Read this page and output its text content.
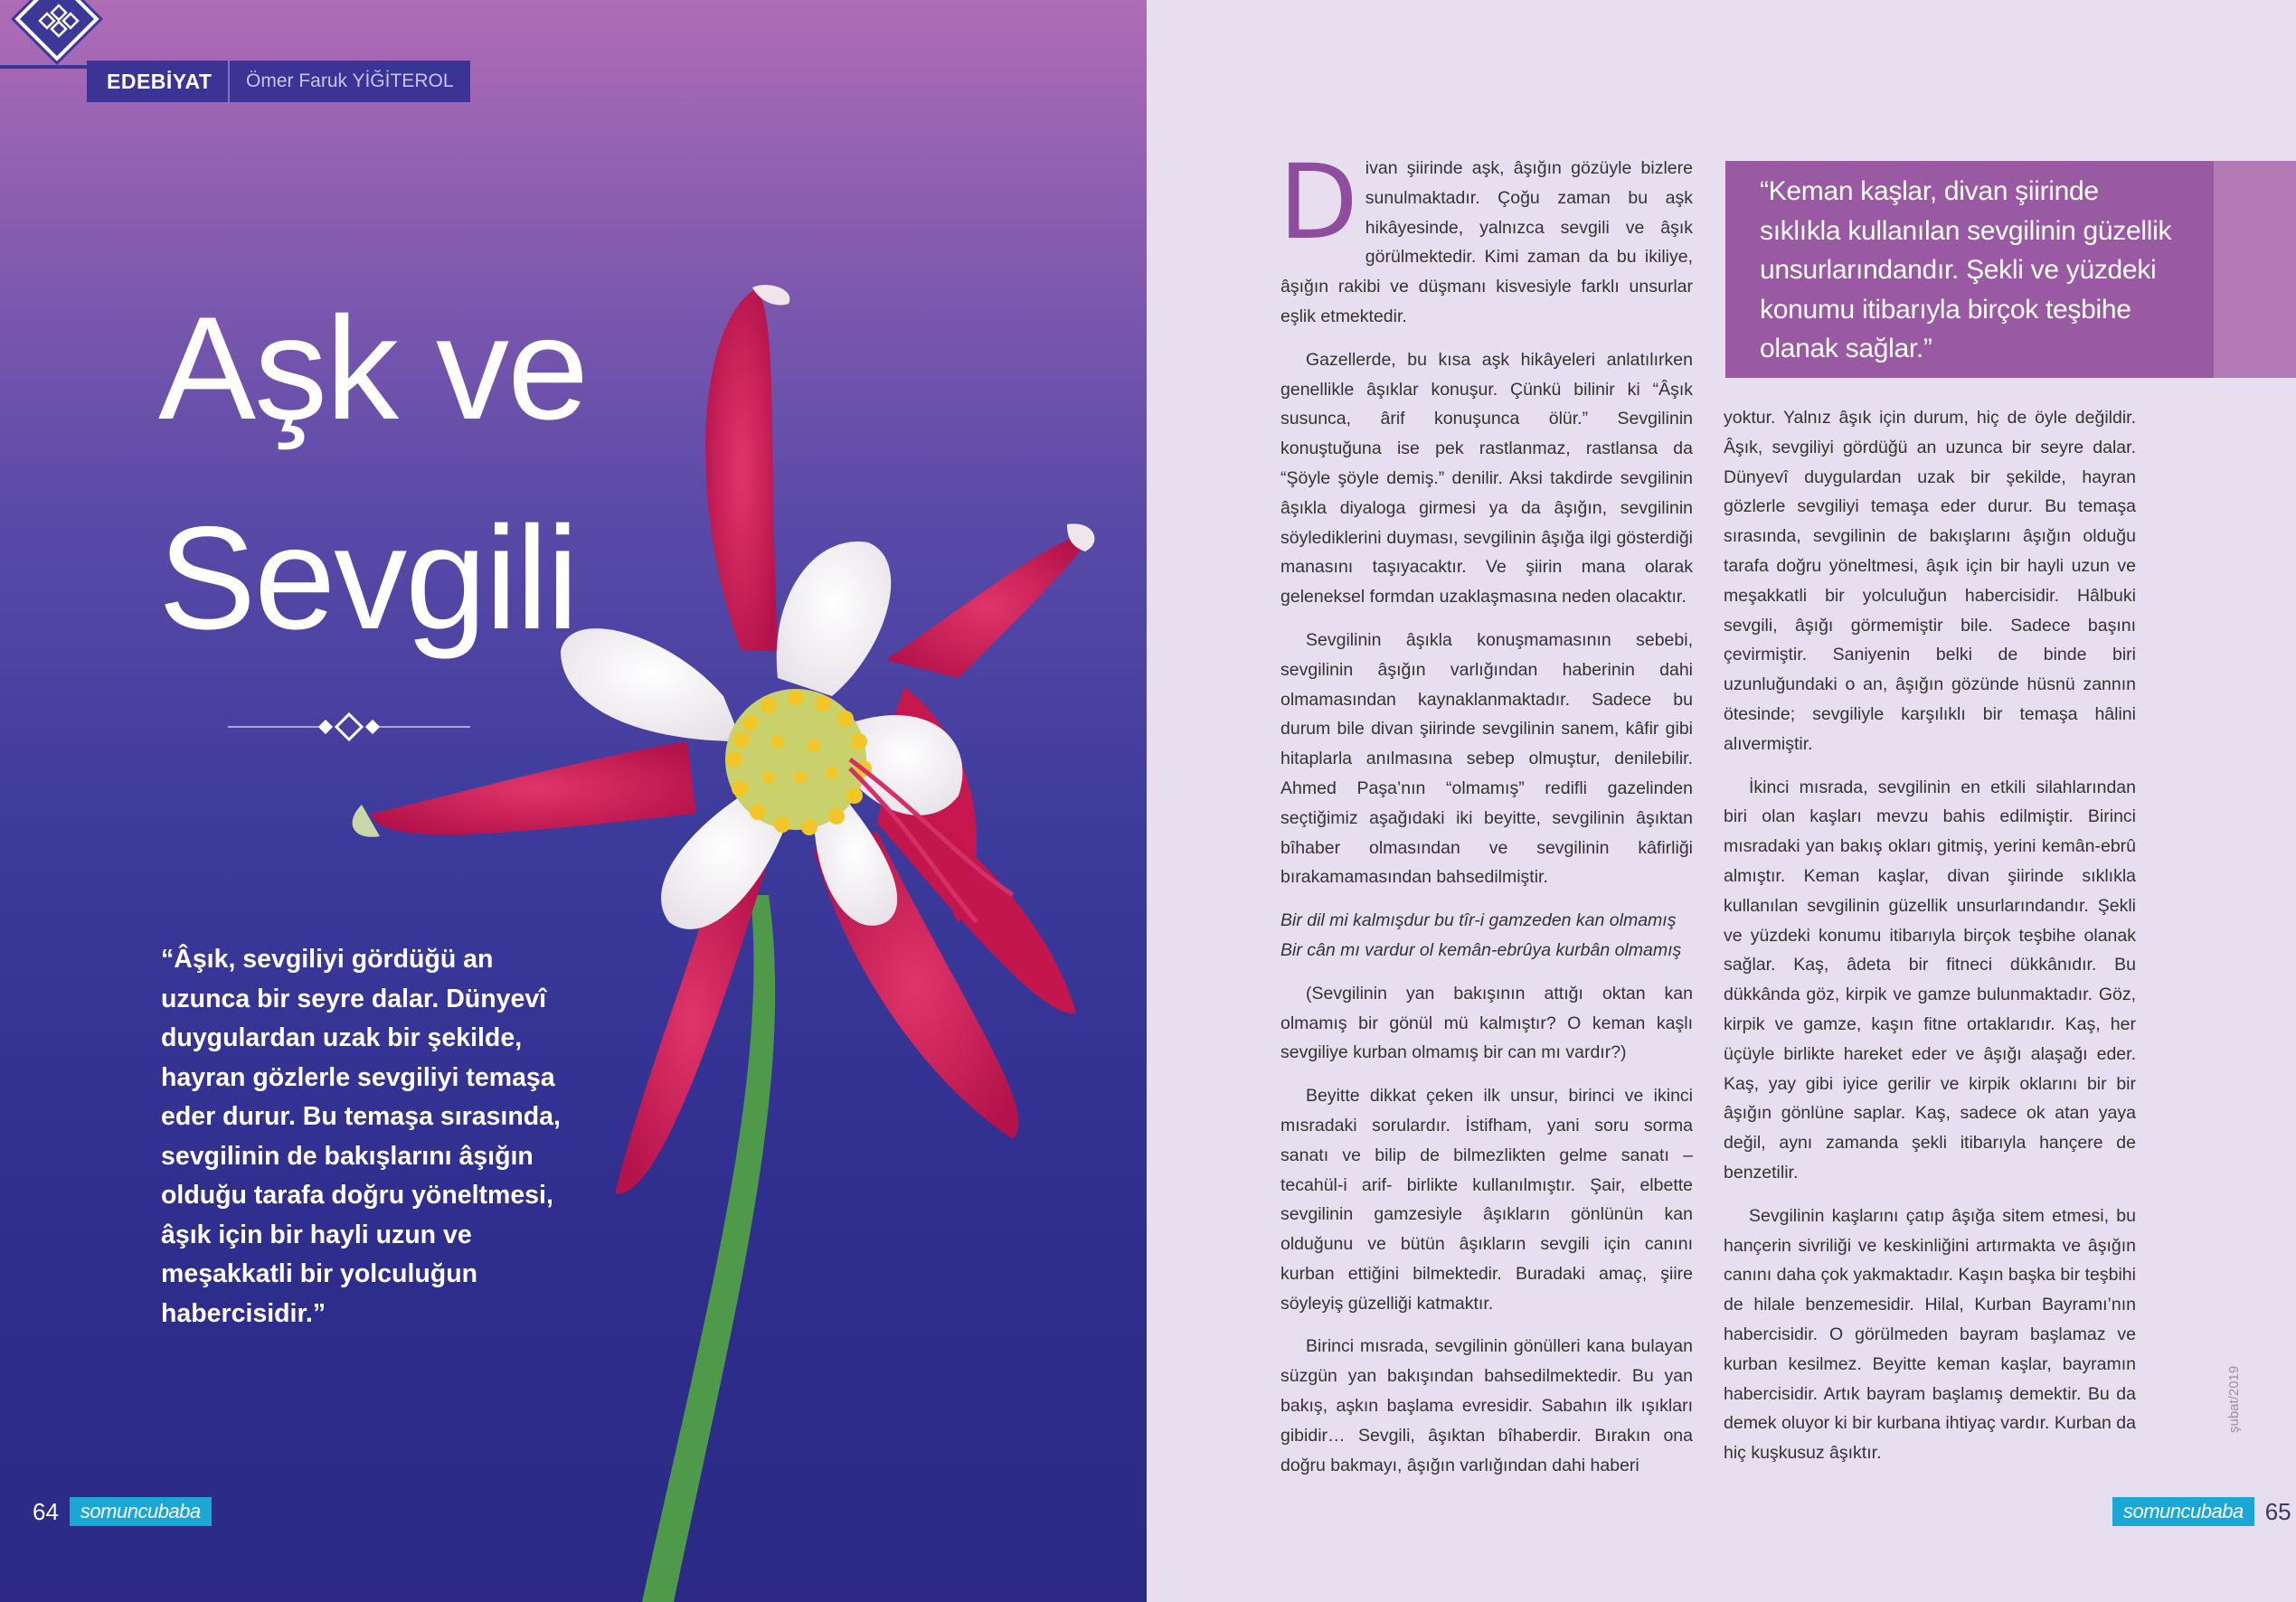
EDEBİYAT	Ömer Faruk YİĞİTEROL
Aşk ve
Sevgili

“Âşık, sevgiliyi gördüğü an uzunca bir seyre dalar. Dünyevî duygulardan uzak bir şekilde, hayran gözlerle sevgiliyi temaşa eder durur. Bu temaşa sırasında, sevgilinin de bakışlarını âşığın olduğu tarafa doğru yöneltmesi, âşık için bir hayli uzun ve meşakkatli bir yolculuğun habercisidir.”

64	somuncubaba

Divan şiirinde aşk, âşığın gözüyle bizlere sunulmaktadır. Çoğu zaman bu aşk hikâyesinde, yalnızca sevgili ve âşık görülmektedir. Kimi zaman da bu ikiliye, âşığın rakibi ve düşmanı kisvesiyle farklı unsurlar eşlik etmektedir.

Gazellerde, bu kısa aşk hikâyeleri anlatılırken genellikle âşıklar konuşur. Çünkü bilinir ki “Âşık susunca, ârif konuşunca ölür.” Sevgilinin konuştuğuna ise pek rastlanmaz, rastlansa da “Şöyle şöyle demiş.” denilir. Aksi takdirde sevgilinin âşıkla diyaloga girmesi ya da âşığın, sevgilinin söylediklerini duyması, sevgilinin âşığa ilgi gösterdiği manasını taşıyacaktır. Ve şiirin mana olarak geleneksel formdan uzaklaşmasına neden olacaktır.

Sevgilinin âşıkla konuşmamasının sebebi, sevgilinin âşığın varlığından haberinin dahi olmamasından kaynaklanmaktadır. Sadece bu durum bile divan şiirinde sevgilinin sanem, kâfir gibi hitaplarla anılmasına sebep olmuştur, denilebilir. Ahmed Paşa’nın “olmamış” redifli gazelinden seçtiğimiz aşağıdaki iki beyitte, sevgilinin âşıktan bîhaber olmasından ve sevgilinin kâfirliği bırakamamasından bahsedilmiştir.

Bir dil mi kalmışdur bu tîr-i gamzeden kan olmamış

Bir cân mı vardur ol kemân-ebrûya kurbân olmamış

(Sevgilinin yan bakışının attığı oktan kan olmamış bir gönül mü kalmıştır? O keman kaşlı sevgiliye kurban olmamış bir can mı vardır?)

Beyitte dikkat çeken ilk unsur, birinci ve ikinci mısradaki sorulardır. İstifham, yani soru sorma sanatı ve bilip de bilmezlikten gelme sanatı –tecahül-i arif- birlikte kullanılmıştır. Şair, elbette sevgilinin gamzesiyle âşıkların gönlünün kan olduğunu ve bütün âşıkların sevgili için canını kurban ettiğini bilmektedir. Buradaki amaç, şiire söyleyiş güzelliği katmaktır.

Birinci mısrada, sevgilinin gönülleri kana bulayan süzgün yan bakışından bahsedilmektedir. Bu yan bakış, aşkın başlama evresidir. Sabahın ilk ışıkları gibidir… Sevgili, âşıktan bîhaberdir. Bırakın ona doğru bakmayı, âşığın varlığından dahi haberi

“Keman kaşlar, divan şiirinde sıklıkla kullanılan sevgilinin güzellik unsurlarındandır. Şekli ve yüzdeki konumu itibarıyla birçok teşbihe olanak sağlar.”

yoktur. Yalnız âşık için durum, hiç de öyle değildir. Âşık, sevgiliyi gördüğü an uzunca bir seyre dalar. Dünyevî duygulardan uzak bir şekilde, hayran gözlerle sevgiliyi temaşa eder durur. Bu temaşa sırasında, sevgilinin de bakışlarını âşığın olduğu tarafa doğru yöneltmesi, âşık için bir hayli uzun ve meşakkatli bir yolculuğun habercisidir. Hâlbuki sevgili, âşığı görmemiştir bile. Sadece başını çevirmiştir. Saniyenin belki de binde biri uzunluğundaki o an, âşığın gözünde hüsnü zannın ötesinde; sevgiliyle karşılıklı bir temaşa hâlini alıvermiştir.

İkinci mısrada, sevgilinin en etkili silahlarından biri olan kaşları mevzu bahis edilmiştir. Birinci mısradaki yan bakış okları gitmiş, yerini kemân-ebrû almıştır. Keman kaşlar, divan şiirinde sıklıkla kullanılan sevgilinin güzellik unsurlarındandır. Şekli ve yüzdeki konumu itibarıyla birçok teşbihe olanak sağlar. Kaş, âdeta bir fitneci dükkânıdır. Bu dükkânda göz, kirpik ve gamze bulunmaktadır. Göz, kirpik ve gamze, kaşın fitne ortaklarıdır. Kaş, her üçüyle birlikte hareket eder ve âşığı alaşağı eder. Kaş, yay gibi iyice gerilir ve kirpik oklarını bir bir âşığın gönlüne saplar. Kaş, sadece ok atan yaya değil, aynı zamanda şekli itibarıyla hançere de benzetilir.

Sevgilinin kaşlarını çatıp âşığa sitem etmesi, bu hançerin sivriliği ve keskinliğini artırmakta ve âşığın canını daha çok yakmaktadır. Kaşın başka bir teşbihi de hilale benzemesidir. Hilal, Kurban Bayramı’nın habercisidir. O görülmeden bayram başlamaz ve kurban kesilmez. Beyitte keman kaşlar, bayramın habercisidir. Artık bayram başlamış demektir. Bu da demek oluyor ki bir kurbana ihtiyaç vardır. Kurban da hiç kuşkusuz âşıktır.

şubat/2019
somuncubaba 65
